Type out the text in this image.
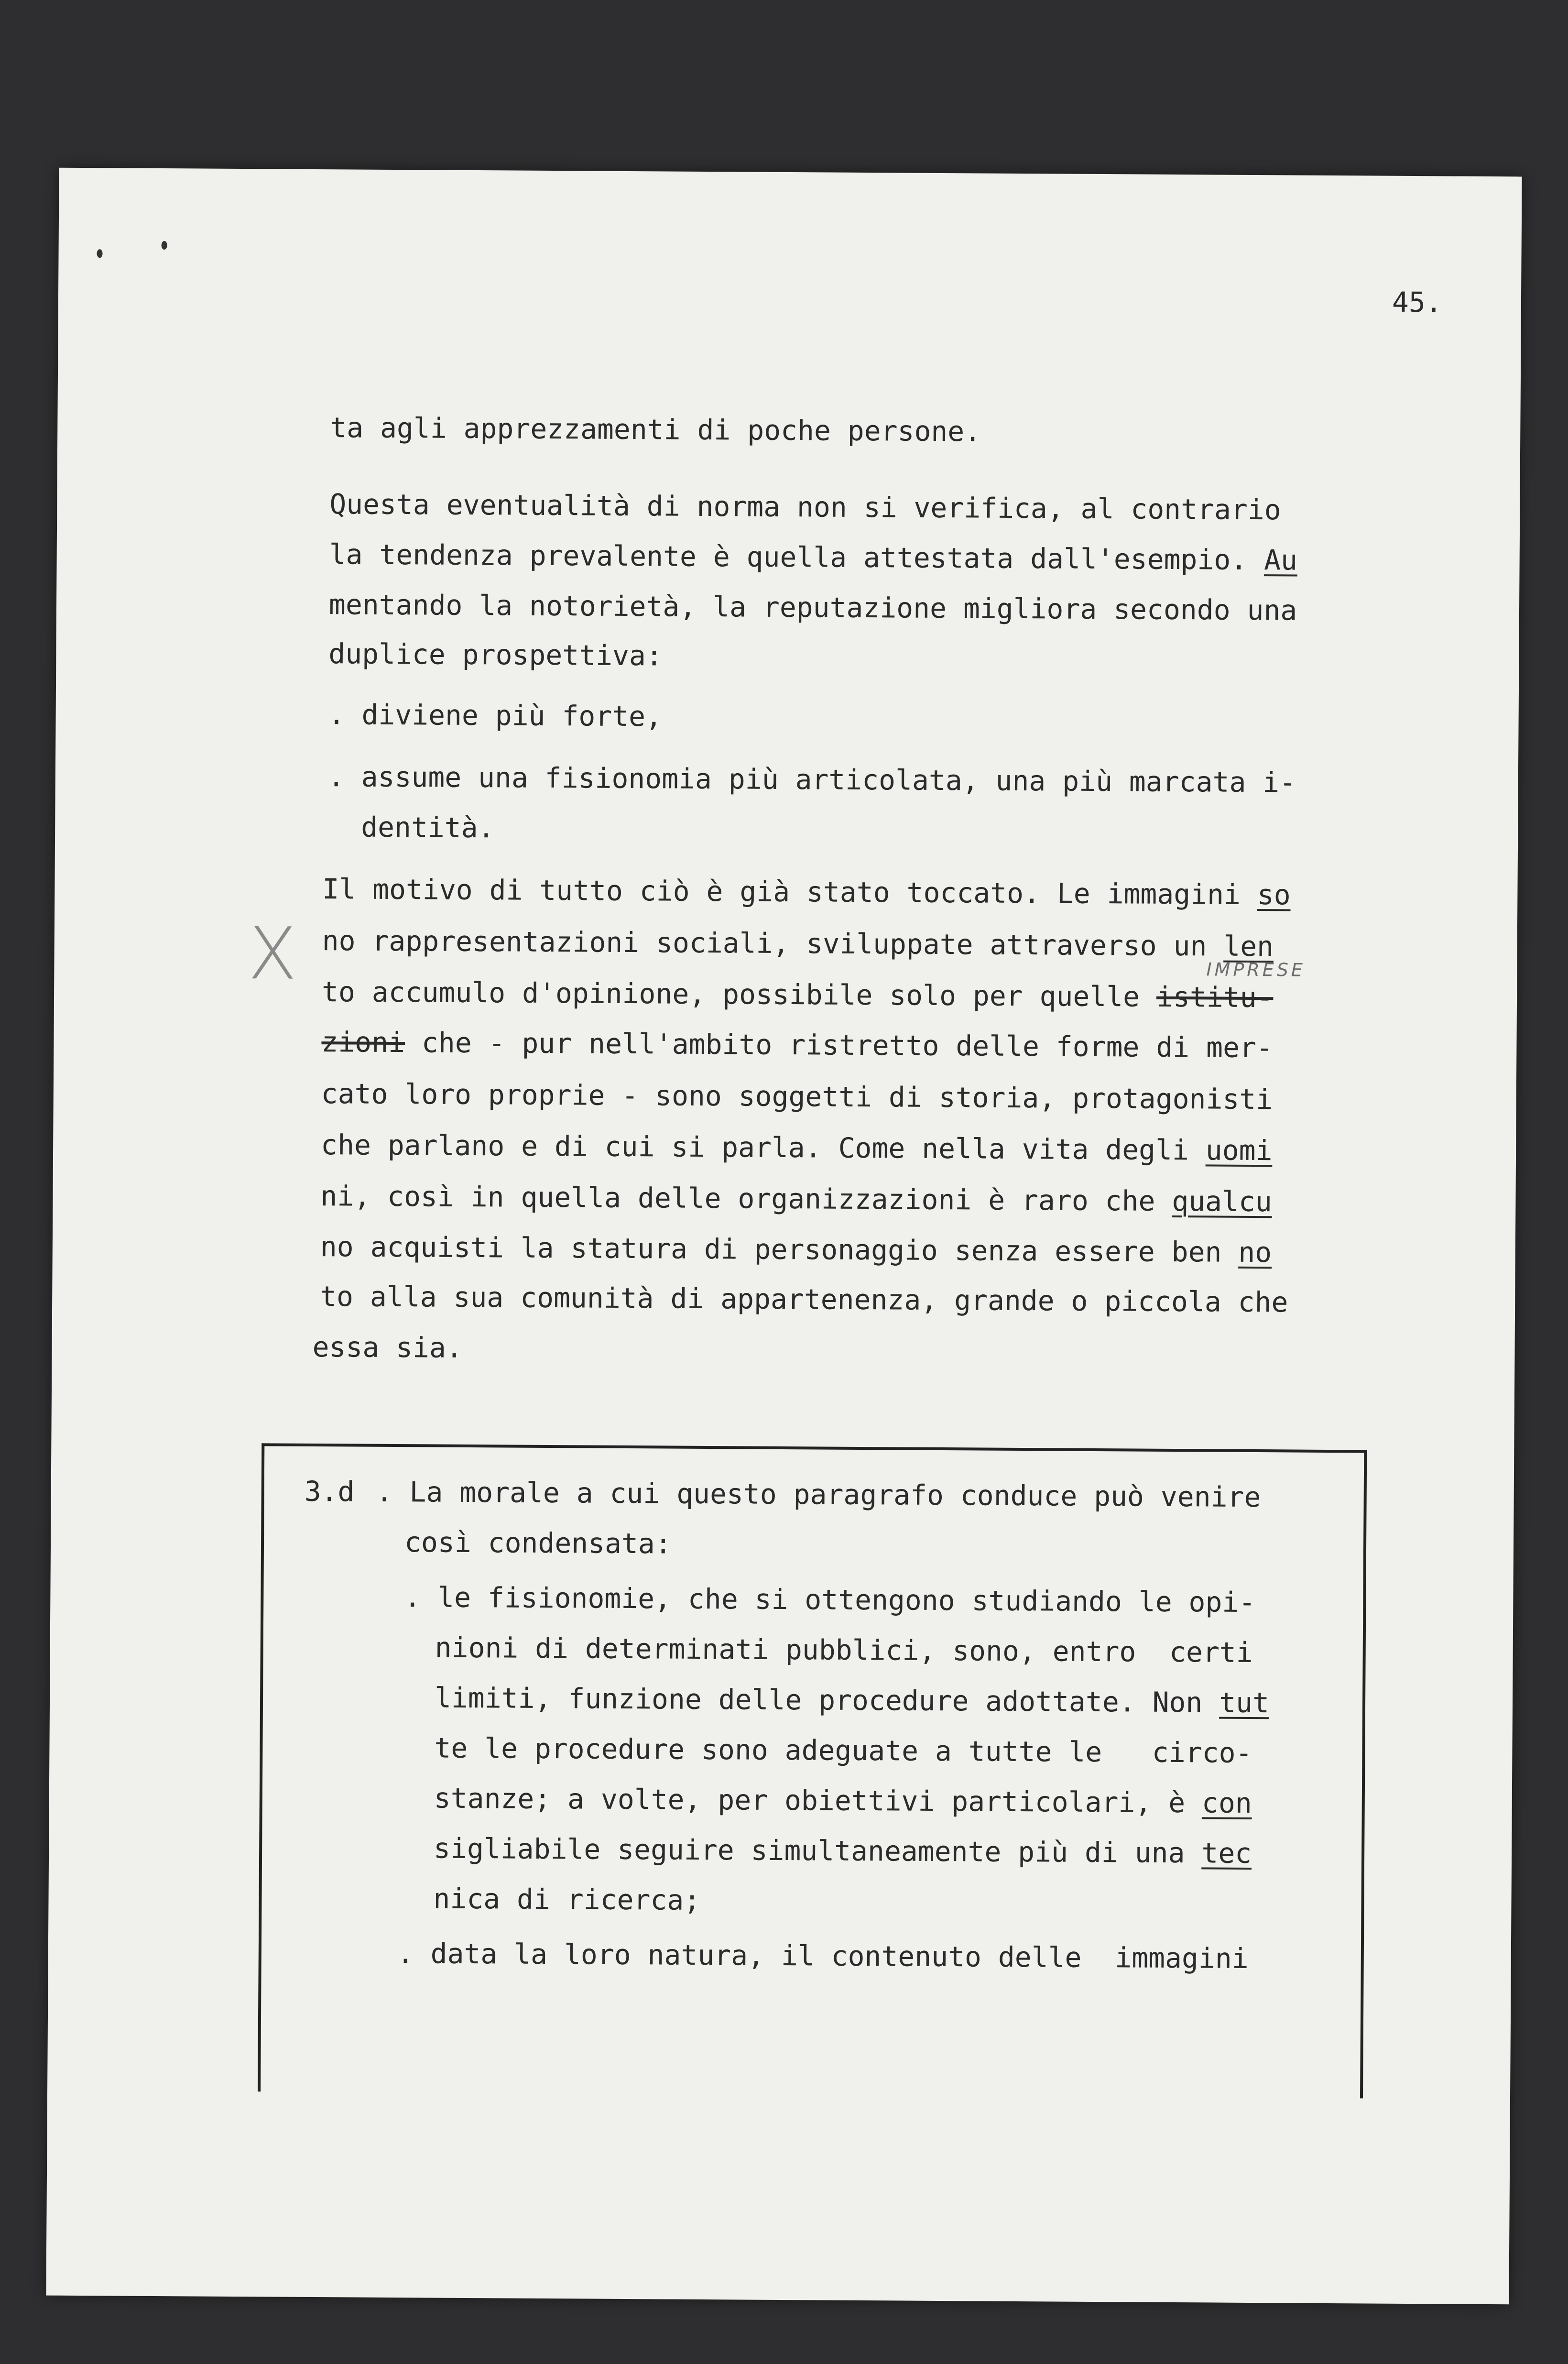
45.
ta agli apprezzamenti di poche persone.
Questa eventualità di norma non si verifica, al contrario
la tendenza prevalente è quella attestata dall'esempio. Au
mentando la notorietà, la reputazione migliora secondo una
duplice prospettiva:
. diviene più forte,
. assume una fisionomia più articolata, una più marcata i-
dentità.
Il motivo di tutto ciò è già stato toccato. Le immagini so
no rappresentazioni sociali, sviluppate attraverso un len
IMPRESE
to accumulo d'opinione, possibile solo per quelle istitu-
X
zioni che - pur nell'ambito ristretto delle forme di mer-
cato loro proprie - sono soggetti di storia, protagonisti
che parlano e di cui si parla. Come nella vita degli uomi
ni, così in quella delle organizzazioni è raro che qualcu
no acquisti la statura di personaggio senza essere ben no
to alla sua comunità di appartenenza, grande o piccola che
essa sia.
3.d . La morale a cui questo paragrafo conduce può venire
così condensata:
. le fisionomie, che si ottengono studiando le opi-
nioni di determinati pubblici, sono, entro  certi
limiti, funzione delle procedure adottate. Non tut
te le procedure sono adeguate a tutte le   circo-
stanze; a volte, per obiettivi particolari, è con
sigliabile seguire simultaneamente più di una tec
nica di ricerca;
. data la loro natura, il contenuto delle  immagini
